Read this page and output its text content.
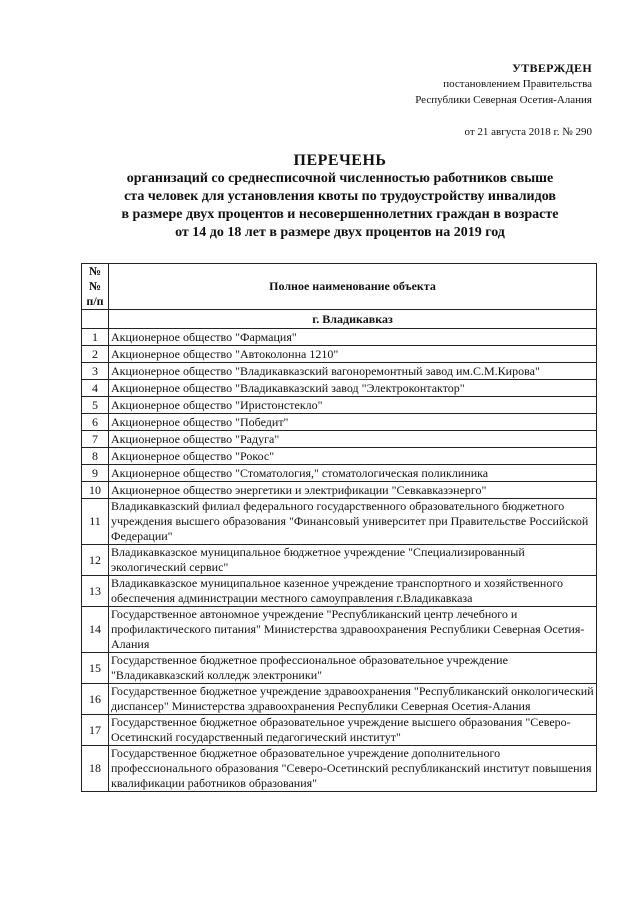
УТВЕРЖДЕН
постановлением Правительства
Республики Северная Осетия-Алания
от 21 августа 2018 г. № 290
ПЕРЕЧЕНЬ
организаций со среднесписочной численностью работников свыше
ста человек для установления квоты по трудоустройству инвалидов
в размере двух процентов и несовершеннолетних граждан в возрасте
от 14 до 18 лет в размере двух процентов на 2019 год
№№ п/п	Полное наименование объекта
	г. Владикавказ
1	Акционерное общество "Фармация"
2	Акционерное общество "Автоколонна 1210"
3	Акционерное общество "Владикавказский вагоноремонтный завод им.С.М.Кирова"
4	Акционерное общество "Владикавказский завод "Электроконтактор"
5	Акционерное общество "Иристонстекло"
6	Акционерное общество "Победит"
7	Акционерное общество "Радуга"
8	Акционерное общество "Рокос"
9	Акционерное общество "Стоматология," стоматологическая поликлиника
10	Акционерное общество энергетики и электрификации "Севкавказэнерго"
11	Владикавказский филиал федерального государственного образовательного бюджетного учреждения высшего образования "Финансовый университет при Правительстве Российской Федерации"
12	Владикавказское муниципальное бюджетное учреждение "Специализированный экологический сервис"
13	Владикавказское муниципальное казенное учреждение транспортного и хозяйственного обеспечения администрации местного самоуправления г.Владикавказа
14	Государственное автономное учреждение "Республиканский центр лечебного и профилактического питания" Министерства здравоохранения Республики Северная Осетия-Алания
15	Государственное бюджетное профессиональное образовательное учреждение "Владикавказский колледж электроники"
16	Государственное бюджетное учреждение здравоохранения "Республиканский онкологический диспансер" Министерства здравоохранения Республики Северная Осетия-Алания
17	Государственное бюджетное образовательное учреждение высшего образования "Северо-Осетинский государственный педагогический институт"
18	Государственное бюджетное образовательное учреждение дополнительного профессионального образования "Северо-Осетинский республиканский институт повышения квалификации работников образования"
